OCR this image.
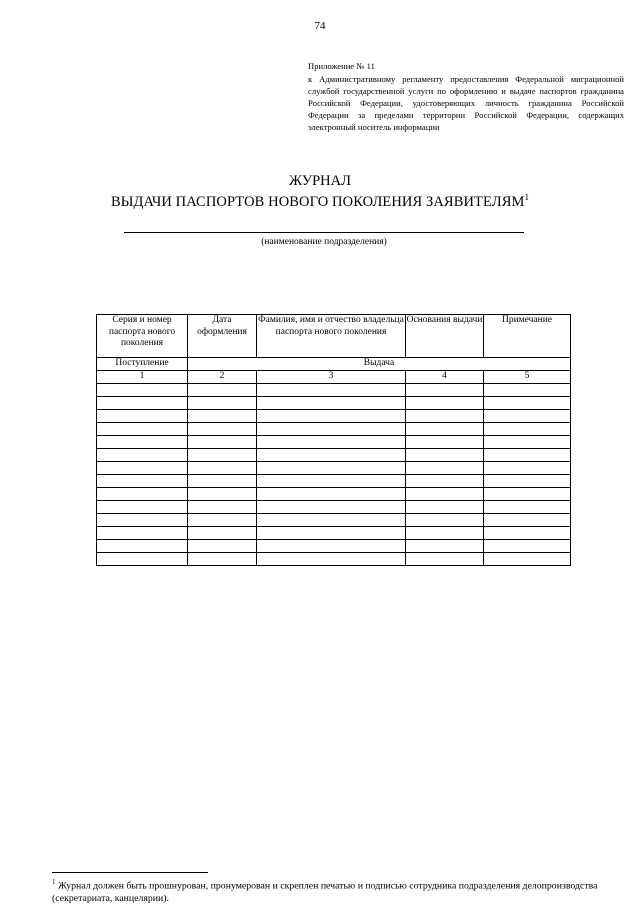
74
Приложение № 11
к Административному регламенту предоставления Федеральной миграционной службой государственной услуги по оформлению и выдаче паспортов гражданина Российской Федерации, удостоверяющих личность гражданина Российской Федерации за пределами территории Российской Федерации, содержащих электронный носитель информации
ЖУРНАЛ
ВЫДАЧИ ПАСПОРТОВ НОВОГО ПОКОЛЕНИЯ ЗАЯВИТЕЛЯМ$^1$
(наименование подразделения)
Серия и номер паспорта нового поколения	Дата оформления	Фамилия, имя и отчество владельца паспорта нового поколения	Основания выдачи	Примечание
Поступление	Выдача			
1	2	3	4	5

$^1$ Журнал должен быть прошнурован, пронумерован и скреплен печатью и подписью сотрудника подразделения делопроизводства (секретариата, канцелярии).
